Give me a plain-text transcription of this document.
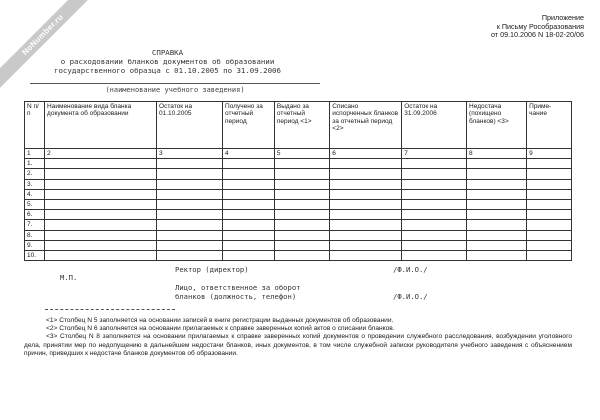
NoNumber.ru	Приложение
к Письму Рособразования
от 09.10.2006 N 18-02-20/06
СПРАВКА
о расходовании бланков документов об образовании
государственного образца с 01.10.2005 по 31.09.2006
(наименование учебного заведения)
N п/п	Наименование вида бланка документа об образовании	Остаток на 01.10.2005	Получено за отчетный период	Выдано за отчетный период <1>	Списано испорченных бланков за отчетный период <2>	Остаток на 31.09.2006	Недостача (похищено бланков) <3>	Приме- чание
1	2	3	4	5	6	7	8	9
1.								
2.								
3.								
4.								
5.								
6.								
7.								
8.								
9.								
10.								
Ректор (директор)	/Ф.И.О./
М.П.
Лицо, ответственное за оборот
бланков (должность, телефон)	/Ф.И.О./

<1> Столбец N 5 заполняется на основании записей в книге регистрации выданных документов об образовании.

<2> Столбец N 6 заполняется на основании прилагаемых к справке заверенных копий актов о списании бланков.

<3> Столбец N 8 заполняется на основании прилагаемых к справке заверенных копий документов о проведении служебного расследования, возбуждении уголовного дела, принятии мер по недопущению в дальнейшем недостачи бланков, иных документов, в том числе служебной записки руководителя учебного заведения с объяснением причин, приведших к недостаче бланков документов об образовании.
